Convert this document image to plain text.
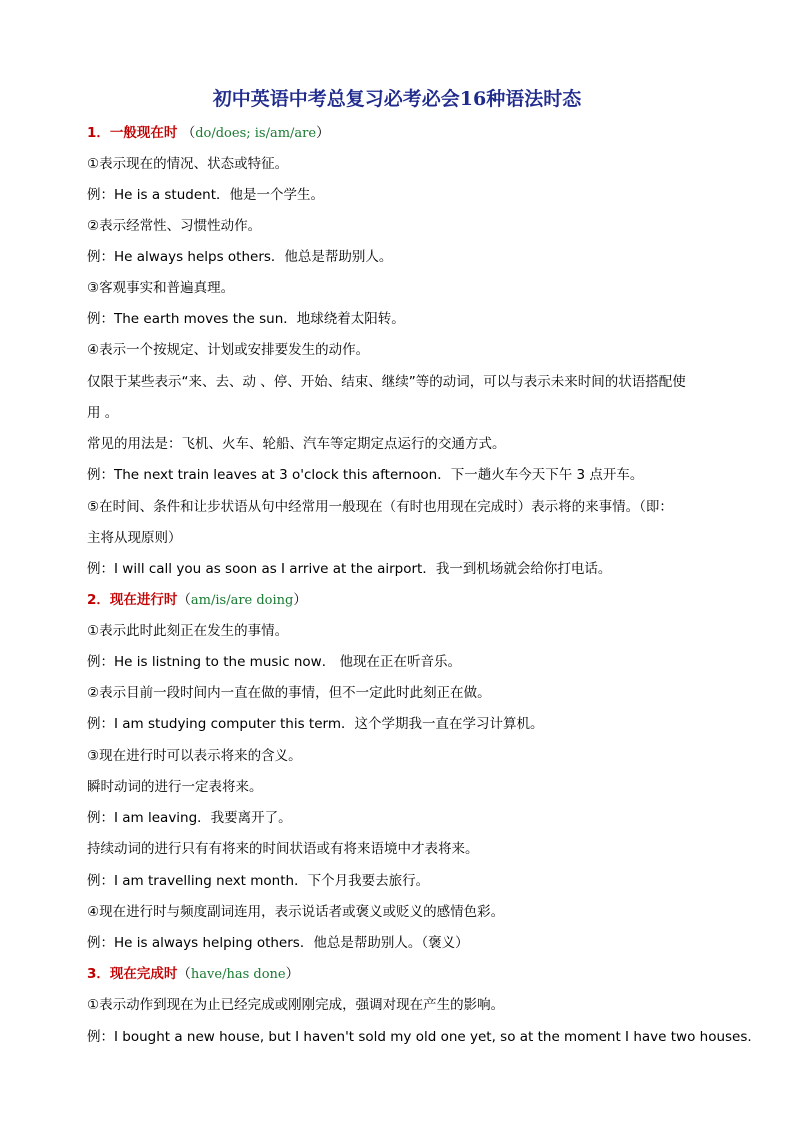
初中英语中考总复习必考必会16种语法时态
1．一般现在时 （do/does; is/am/are）
①表示现在的情况、状态或特征。
例：He is a student．他是一个学生。
②表示经常性、习惯性动作。
例：He always helps others．他总是帮助别人。
③客观事实和普遍真理。
例：The earth moves the sun．地球绕着太阳转。
④表示一个按规定、计划或安排要发生的动作。
仅限于某些表示“来、去、动 、停、开始、结束、继续”等的动词，可以与表示未来时间的状语搭配使
用 。
常见的用法是：飞机、火车、轮船、汽车等定期定点运行的交通方式。
例：The next train leaves at 3 o'clock this afternoon．下一趟火车今天下午 3 点开车。
⑤在时间、条件和让步状语从句中经常用一般现在（有时也用现在完成时）表示将的来事情。（即：
主将从现原则）
例：I will call you as soon as I arrive at the airport．我一到机场就会给你打电话。
2．现在进行时（am/is/are doing）
①表示此时此刻正在发生的事情。
例：He is listning to the music now． 他现在正在听音乐。
②表示目前一段时间内一直在做的事情，但不一定此时此刻正在做。
例：I am studying computer this term．这个学期我一直在学习计算机。
③现在进行时可以表示将来的含义。
瞬时动词的进行一定表将来。
例：I am leaving．我要离开了。
持续动词的进行只有有将来的时间状语或有将来语境中才表将来。
例：I am travelling next month．下个月我要去旅行。
④现在进行时与频度副词连用，表示说话者或褒义或贬义的感情色彩。
例：He is always helping others．他总是帮助别人。（褒义）
3．现在完成时（have/has done）
①表示动作到现在为止已经完成或刚刚完成，强调对现在产生的影响。
例：I bought a new house, but I haven't sold my old one yet, so at the moment I have two houses.
